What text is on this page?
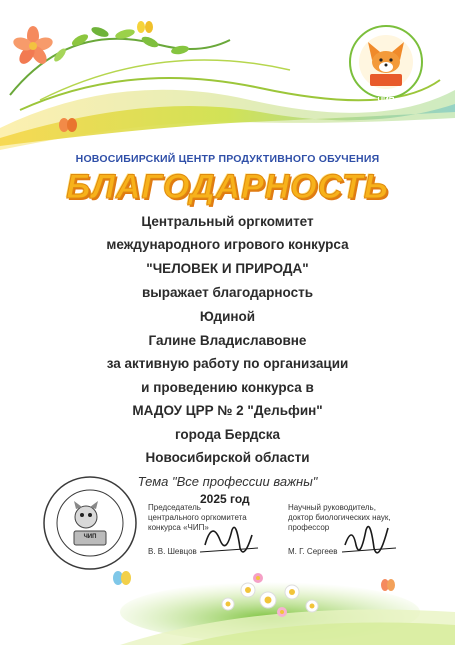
НОВОСИБИРСКИЙ ЦЕНТР ПРОДУКТИВНОГО ОБУЧЕНИЯ
БЛАГОДАРНОСТЬ
Центральный оргкомитет
международного игрового конкурса
"ЧЕЛОВЕК И ПРИРОДА"
выражает благодарность
Юдиной
Галине Владиславовне
за активную работу по организации
и проведению конкурса в
МАДОУ ЦРР № 2 "Дельфин"
города Бердска
Новосибирской области
Тема "Все профессии важны"
2025 год
Председатель
центрального оргкомитета
конкурса «ЧИП»
В. В. Шевцов
Научный руководитель,
доктор биологических наук,
профессор
М. Г. Сергеев
ЧИП
ЧИП
